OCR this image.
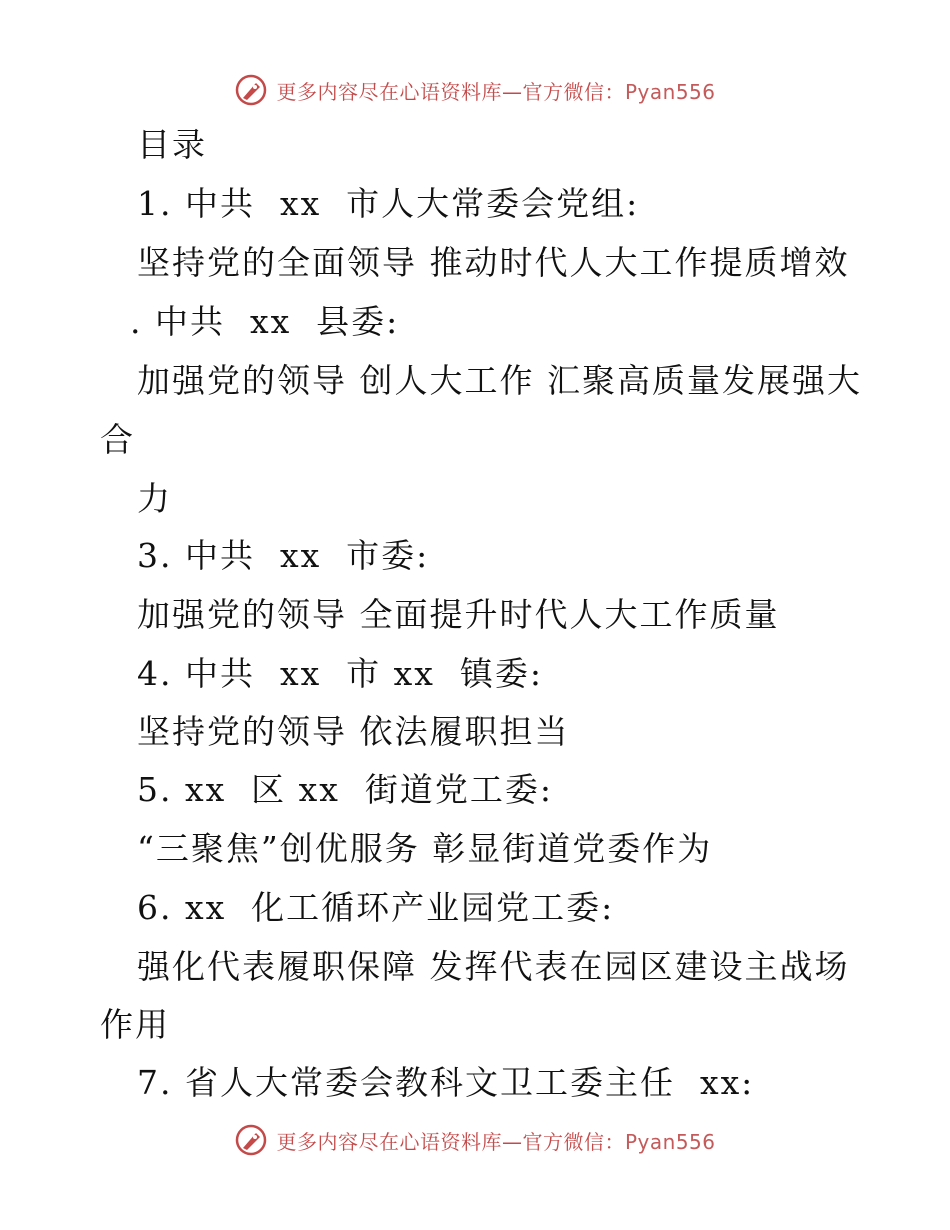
更多内容尽在心语资料库—官方微信：Pyan556
目录
1. 中共  xx  市人大常委会党组:
坚持党的全面领导 推动时代人大工作提质增效
. 中共  xx  县委:
加强党的领导 创人大工作 汇聚高质量发展强大
合
力
3. 中共  xx  市委:
加强党的领导 全面提升时代人大工作质量
4. 中共  xx  市 xx  镇委:
坚持党的领导 依法履职担当
5. xx  区 xx  街道党工委:
“三聚焦”创优服务 彰显街道党委作为
6. xx  化工循环产业园党工委:
强化代表履职保障 发挥代表在园区建设主战场
作用
7. 省人大常委会教科文卫工委主任  xx:
更多内容尽在心语资料库—官方微信：Pyan556
